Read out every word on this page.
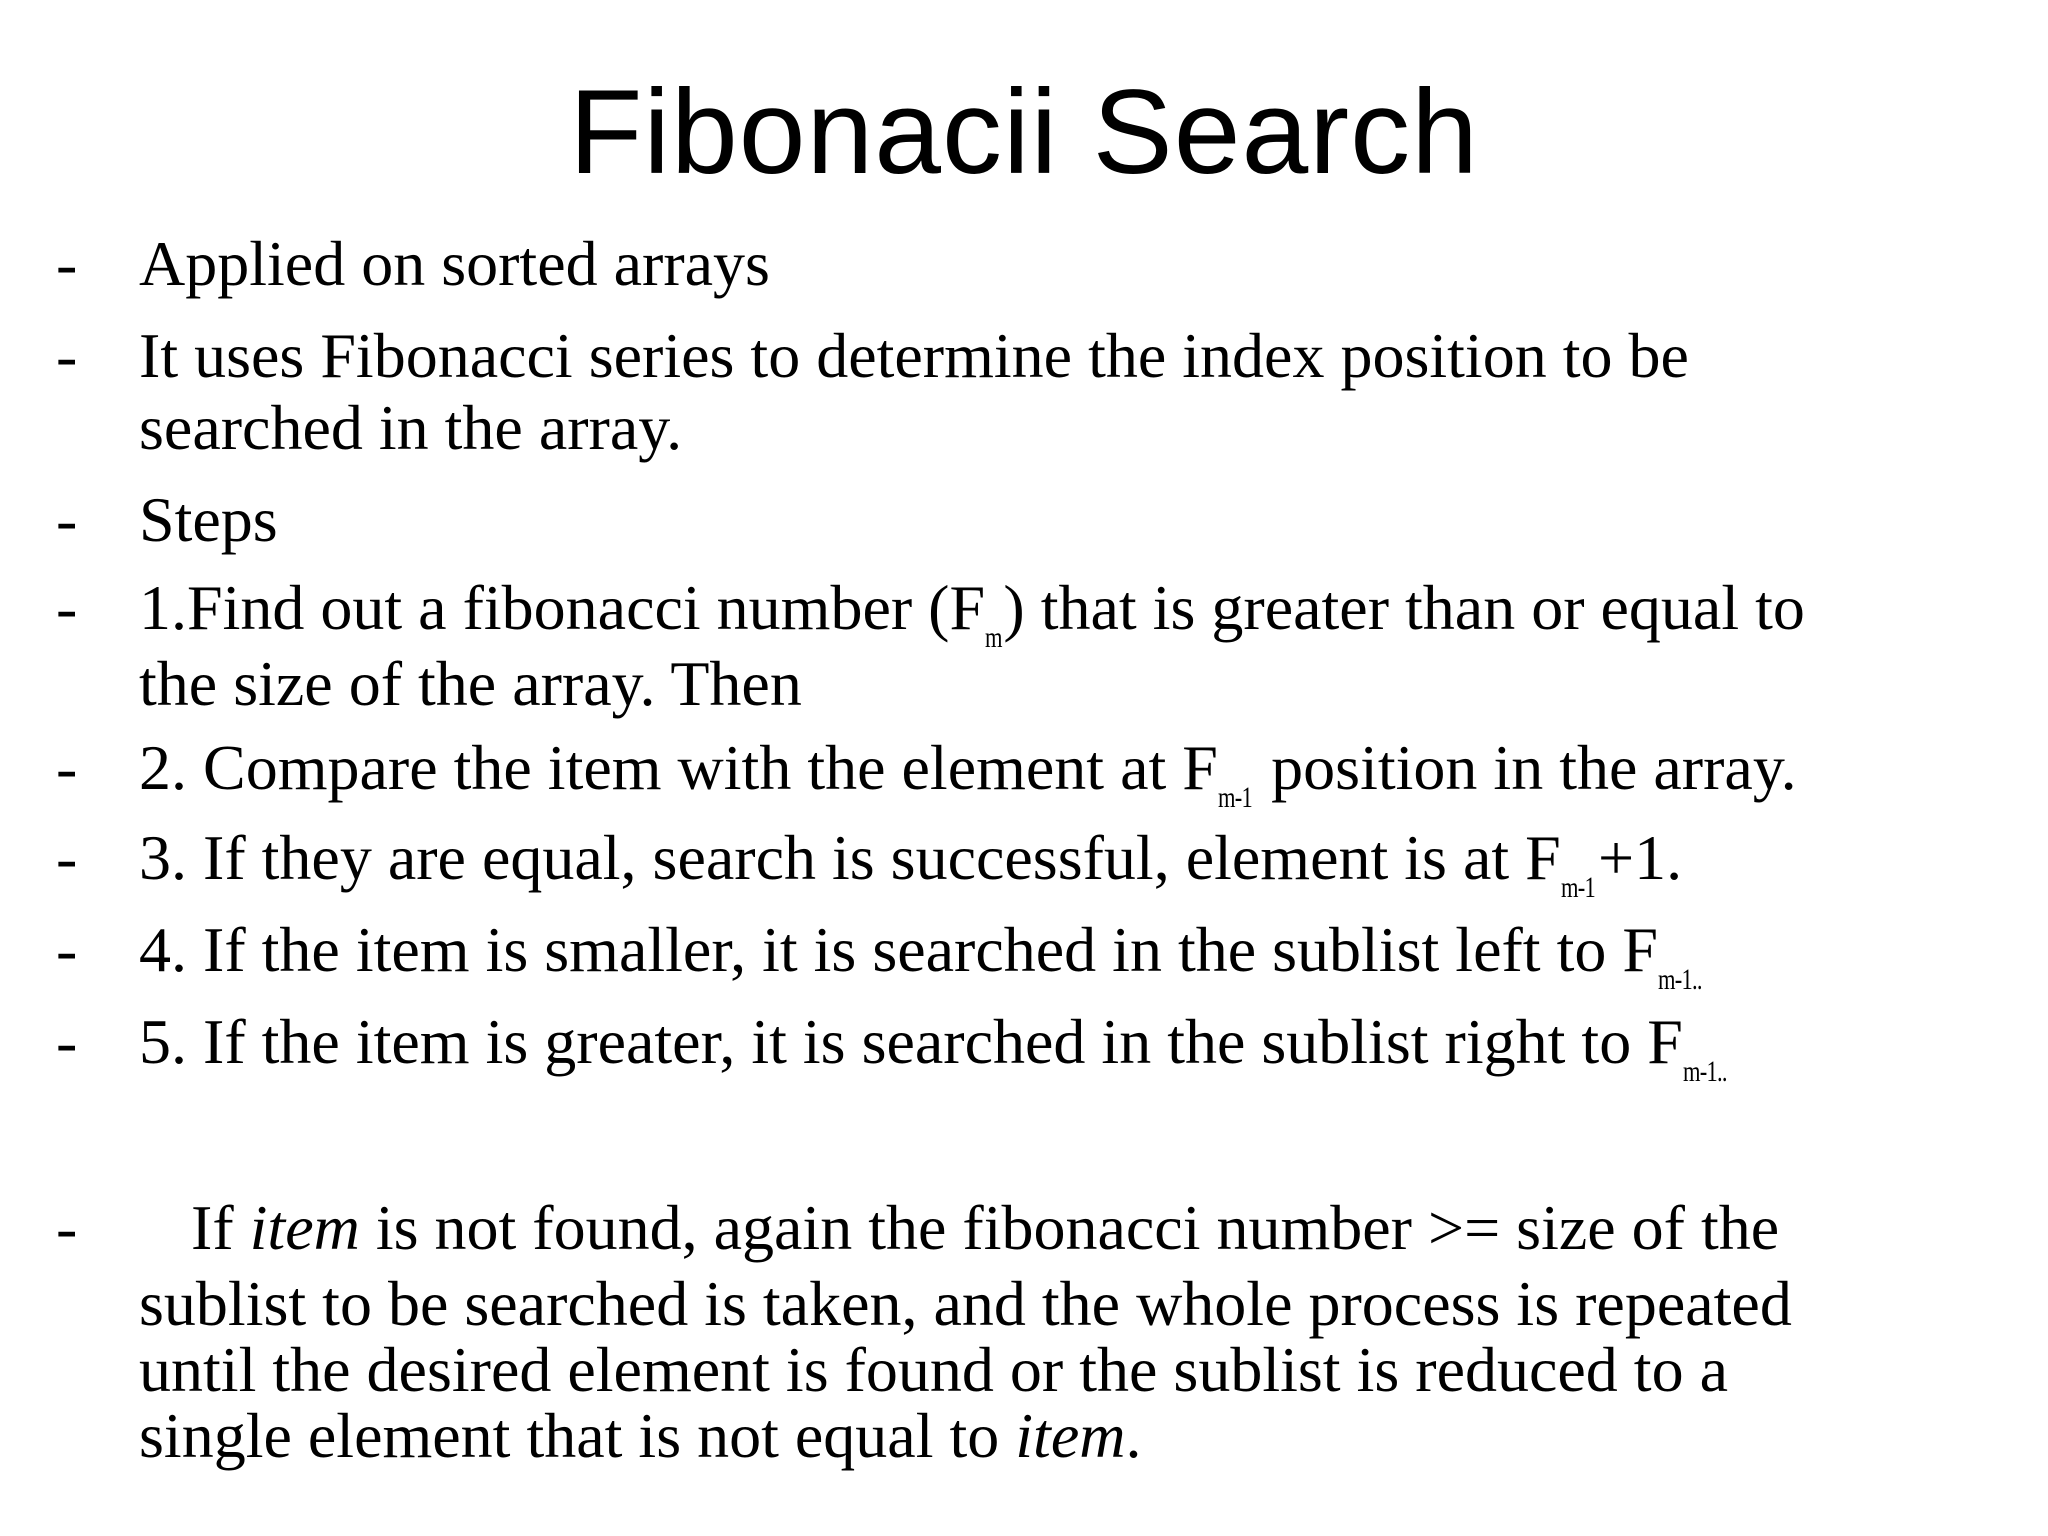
Fibonacii Search
- Applied on sorted arrays
- It uses Fibonacci series to determine the index position to be
searched in the array.
- Steps
- 1.Find out a fibonacci number (Fm) that is greater than or equal to
the size of the array. Then
- 2. Compare the item with the element at Fm-1 position in the array.
- 3. If they are equal, search is successful, element is at Fm-1+1.
- 4. If the item is smaller, it is searched in the sublist left to Fm-1..
- 5. If the item is greater, it is searched in the sublist right to Fm-1..
- If item is not found, again the fibonacci number >= size of the
sublist to be searched is taken, and the whole process is repeated
until the desired element is found or the sublist is reduced to a
single element that is not equal to item.
